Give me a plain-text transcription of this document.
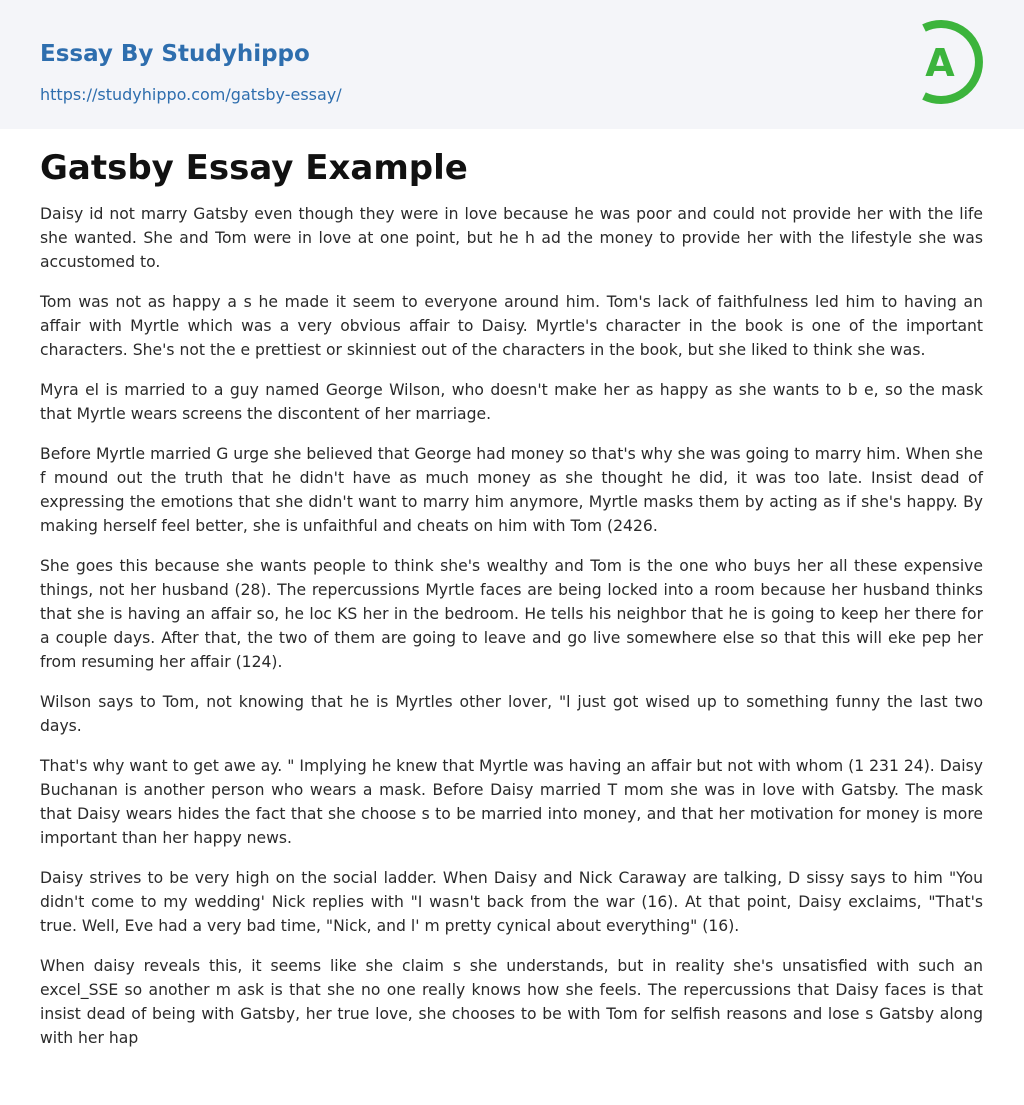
Essay By Studyhippo
https://studyhippo.com/gatsby-essay/
A
Gatsby Essay Example

Daisy id not marry Gatsby even though they were in love because he was poor and could not provide her with the life she wanted. She and Tom were in love at one point, but he h ad the money to provide her with the lifestyle she was accustomed to.

Tom was not as happy a s he made it seem to everyone around him. Tom's lack of faithfulness led him to having an affair with Myrtle which was a very obvious affair to Daisy. Myrtle's character in the book is one of the important characters. She's not the e prettiest or skinniest out of the characters in the book, but she liked to think she was.

Myra el is married to a guy named George Wilson, who doesn't make her as happy as she wants to b e, so the mask that Myrtle wears screens the discontent of her marriage.

Before Myrtle married G urge she believed that George had money so that's why she was going to marry him. When she f mound out the truth that he didn't have as much money as she thought he did, it was too late. Insist dead of expressing the emotions that she didn't want to marry him anymore, Myrtle masks them by acting as if she's happy. By making herself feel better, she is unfaithful and cheats on him with Tom (2426.

She goes this because she wants people to think she's wealthy and Tom is the one who buys her all these expensive things, not her husband (28). The repercussions Myrtle faces are being locked into a room because her husband thinks that she is having an affair so, he loc KS her in the bedroom. He tells his neighbor that he is going to keep her there for a couple days. After that, the two of them are going to leave and go live somewhere else so that this will eke pep her from resuming her affair (124).

Wilson says to Tom, not knowing that he is Myrtles other lover, "l just got wised up to something funny the last two days.

That's why want to get awe ay. " Implying he knew that Myrtle was having an affair but not with whom (1 231 24). Daisy Buchanan is another person who wears a mask. Before Daisy married T mom she was in love with Gatsby. The mask that Daisy wears hides the fact that she choose s to be married into money, and that her motivation for money is more important than her happy news.

Daisy strives to be very high on the social ladder. When Daisy and Nick Caraway are talking, D sissy says to him "You didn't come to my wedding' Nick replies with "I wasn't back from the war (16). At that point, Daisy exclaims, "That's true. Well, Eve had a very bad time, "Nick, and l' m pretty cynical about everything" (16).

When daisy reveals this, it seems like she claim s she understands, but in reality she's unsatisfied with such an excel_SSE so another m ask is that she no one really knows how she feels. The repercussions that Daisy faces is that insist dead of being with Gatsby, her true love, she chooses to be with Tom for selfish reasons and lose s Gatsby along with her hap
